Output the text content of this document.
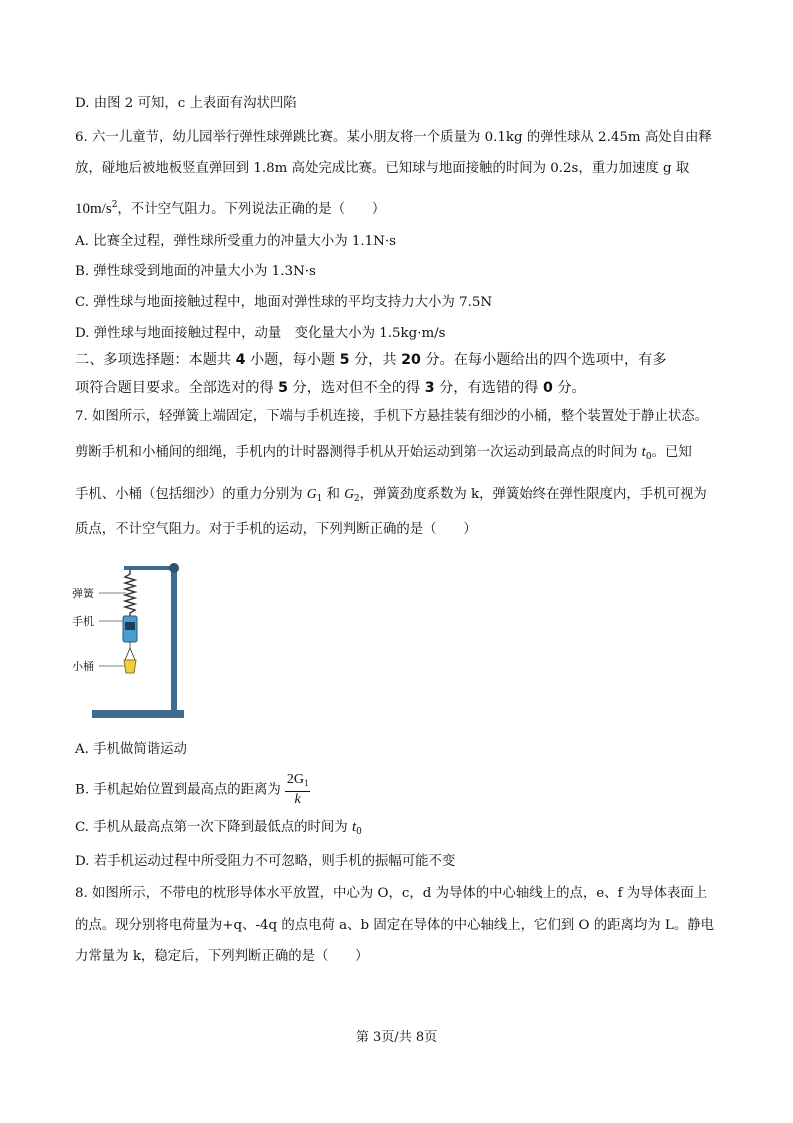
D. 由图 2 可知，c 上表面有沟状凹陷
6. 六一儿童节，幼儿园举行弹性球弹跳比赛。某小朋友将一个质量为 0.1kg 的弹性球从 2.45m 高处自由释
放，碰地后被地板竖直弹回到 1.8m 高处完成比赛。已知球与地面接触的时间为 0.2s，重力加速度 g 取
$10m/s^2$，不计空气阻力。下列说法正确的是（　　）
A. 比赛全过程，弹性球所受重力的冲量大小为 1.1N·s
B. 弹性球受到地面的冲量大小为 1.3N·s
C. 弹性球与地面接触过程中，地面对弹性球的平均支持力大小为 7.5N
D. 弹性球与地面接触过程中，动量　变化量大小为 1.5kg·m/s
二、多项选择题：本题共 4 小题，每小题 5 分，共 20 分。在每小题给出的四个选项中，有多
项符合题目要求。全部选对的得 5 分，选对但不全的得 3 分，有选错的得 0 分。
7. 如图所示，轻弹簧上端固定，下端与手机连接，手机下方悬挂装有细沙的小桶，整个装置处于静止状态。
剪断手机和小桶间的细绳，手机内的计时器测得手机从开始运动到第一次运动到最高点的时间为 $t_0$。已知
手机、小桶（包括细沙）的重力分别为 $G_1$ 和 $G_2$，弹簧劲度系数为 k，弹簧始终在弹性限度内，手机可视为
质点，不计空气阻力。对于手机的运动，下列判断正确的是（　　）
弹簧
手机
小桶
A. 手机做简谐运动
B. 手机起始位置到最高点的距离为 $\frac{2G_1}{k}$
C. 手机从最高点第一次下降到最低点的时间为 $t_0$
D. 若手机运动过程中所受阻力不可忽略，则手机的振幅可能不变
8. 如图所示，不带电的枕形导体水平放置，中心为 O，c，d 为导体的中心轴线上的点，e、f 为导体表面上
的点。现分别将电荷量为+q、-4q 的点电荷 a、b 固定在导体的中心轴线上，它们到 O 的距离均为 L。静电
力常量为 k，稳定后，下列判断正确的是（　　）
第 3页/共 8页
